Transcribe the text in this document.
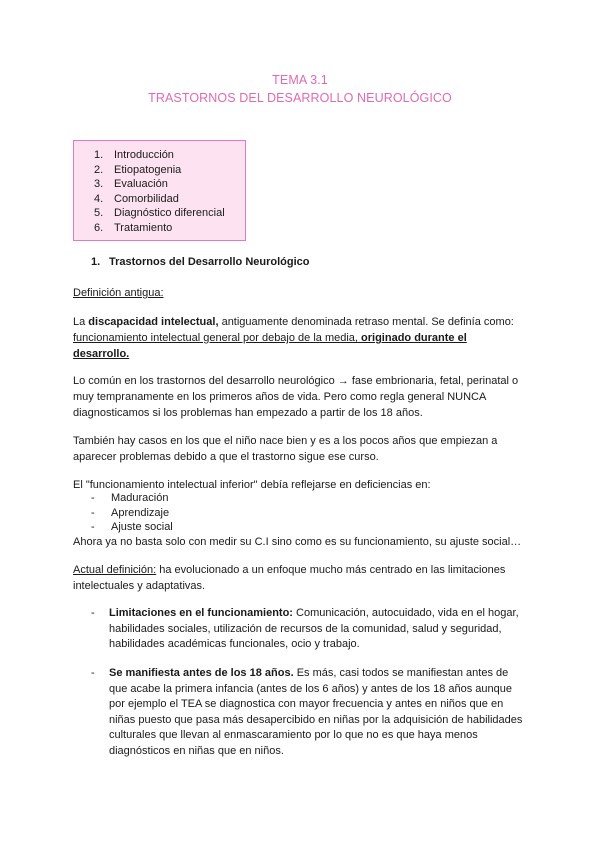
TEMA 3.1
TRASTORNOS DEL DESARROLLO NEUROLÓGICO
1. Introducción
2. Etiopatogenia
3. Evaluación
4. Comorbilidad
5. Diagnóstico diferencial
6. Tratamiento
1. Trastornos del Desarrollo Neurológico

Definición antigua:

La discapacidad intelectual, antiguamente denominada retraso mental. Se definía como:

funcionamiento intelectual general por debajo de la media, originado durante el

desarrollo.

Lo común en los trastornos del desarrollo neurológico → fase embrionaria, fetal, perinatal o

muy tempranamente en los primeros años de vida. Pero como regla general NUNCA

diagnosticamos si los problemas han empezado a partir de los 18 años.

También hay casos en los que el niño nace bien y es a los pocos años que empiezan a

aparecer problemas debido a que el trastorno sigue ese curso.

El "funcionamiento intelectual inferior" debía reflejarse en deficiencias en:

- Maduración
- Aprendizaje
- Ajuste social

Ahora ya no basta solo con medir su C.I sino como es su funcionamiento, su ajuste social…

Actual definición: ha evolucionado a un enfoque mucho más centrado en las limitaciones

intelectuales y adaptativas.

- Limitaciones en el funcionamiento: Comunicación, autocuidado, vida en el hogar,
habilidades sociales, utilización de recursos de la comunidad, salud y seguridad,
habilidades académicas funcionales, ocio y trabajo.
- Se manifiesta antes de los 18 años. Es más, casi todos se manifiestan antes de
que acabe la primera infancia (antes de los 6 años) y antes de los 18 años aunque
por ejemplo el TEA se diagnostica con mayor frecuencia y antes en niños que en
niñas puesto que pasa más desapercibido en niñas por la adquisición de habilidades
culturales que llevan al enmascaramiento por lo que no es que haya menos
diagnósticos en niñas que en niños.
